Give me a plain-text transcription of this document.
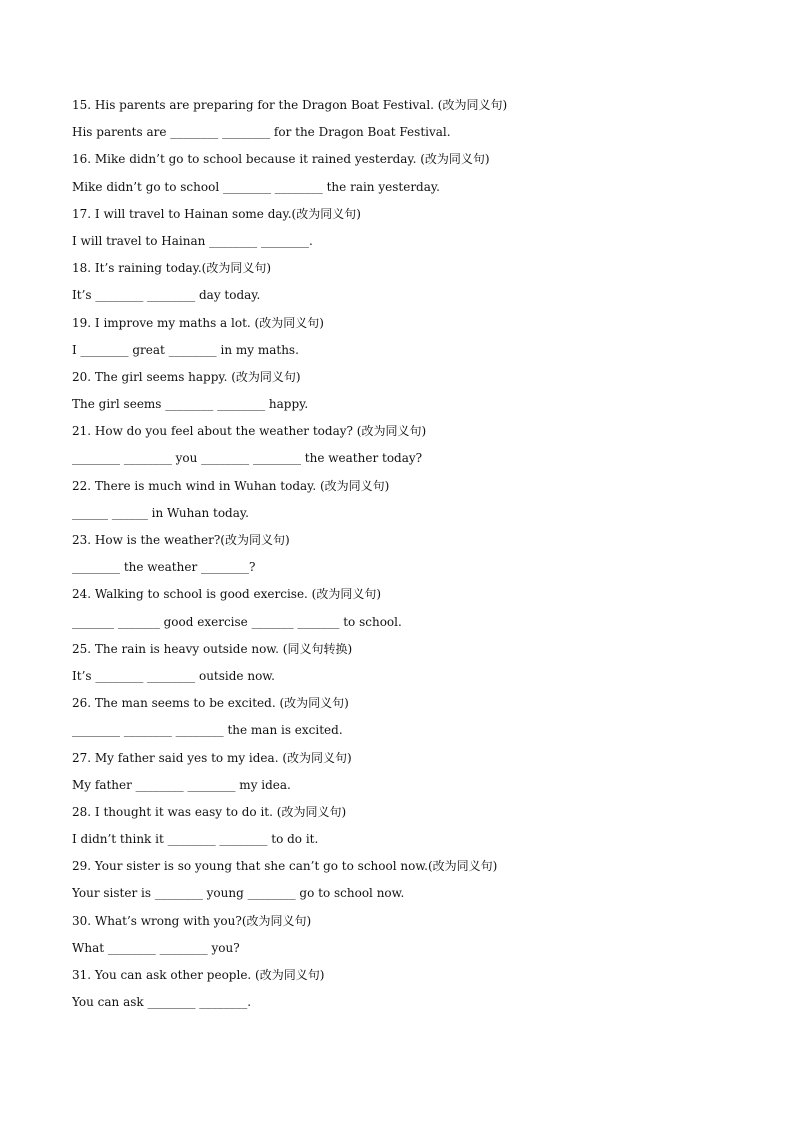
15. His parents are preparing for the Dragon Boat Festival. (改为同义句)
His parents are ________ ________ for the Dragon Boat Festival.
16. Mike didn’t go to school because it rained yesterday. (改为同义句)
Mike didn’t go to school ________ ________ the rain yesterday.
17. I will travel to Hainan some day.(改为同义句)
I will travel to Hainan ________ ________.
18. It’s raining today.(改为同义句)
It’s ________ ________ day today.
19. I improve my maths a lot. (改为同义句)
I ________ great ________ in my maths.
20. The girl seems happy. (改为同义句)
The girl seems ________ ________ happy.
21. How do you feel about the weather today? (改为同义句)
________ ________ you ________ ________ the weather today?
22. There is much wind in Wuhan today. (改为同义句)
______ ______ in Wuhan today.
23. How is the weather?(改为同义句)
________ the weather ________?
24. Walking to school is good exercise. (改为同义句)
_______ _______ good exercise _______ _______ to school.
25. The rain is heavy outside now. (同义句转换)
It’s ________ ________ outside now.
26. The man seems to be excited. (改为同义句)
________ ________ ________ the man is excited.
27. My father said yes to my idea. (改为同义句)
My father ________ ________ my idea.
28. I thought it was easy to do it. (改为同义句)
I didn’t think it ________ ________ to do it.
29. Your sister is so young that she can’t go to school now.(改为同义句)
Your sister is ________ young ________ go to school now.
30. What’s wrong with you?(改为同义句)
What ________ ________ you?
31. You can ask other people. (改为同义句)
You can ask ________ ________.
